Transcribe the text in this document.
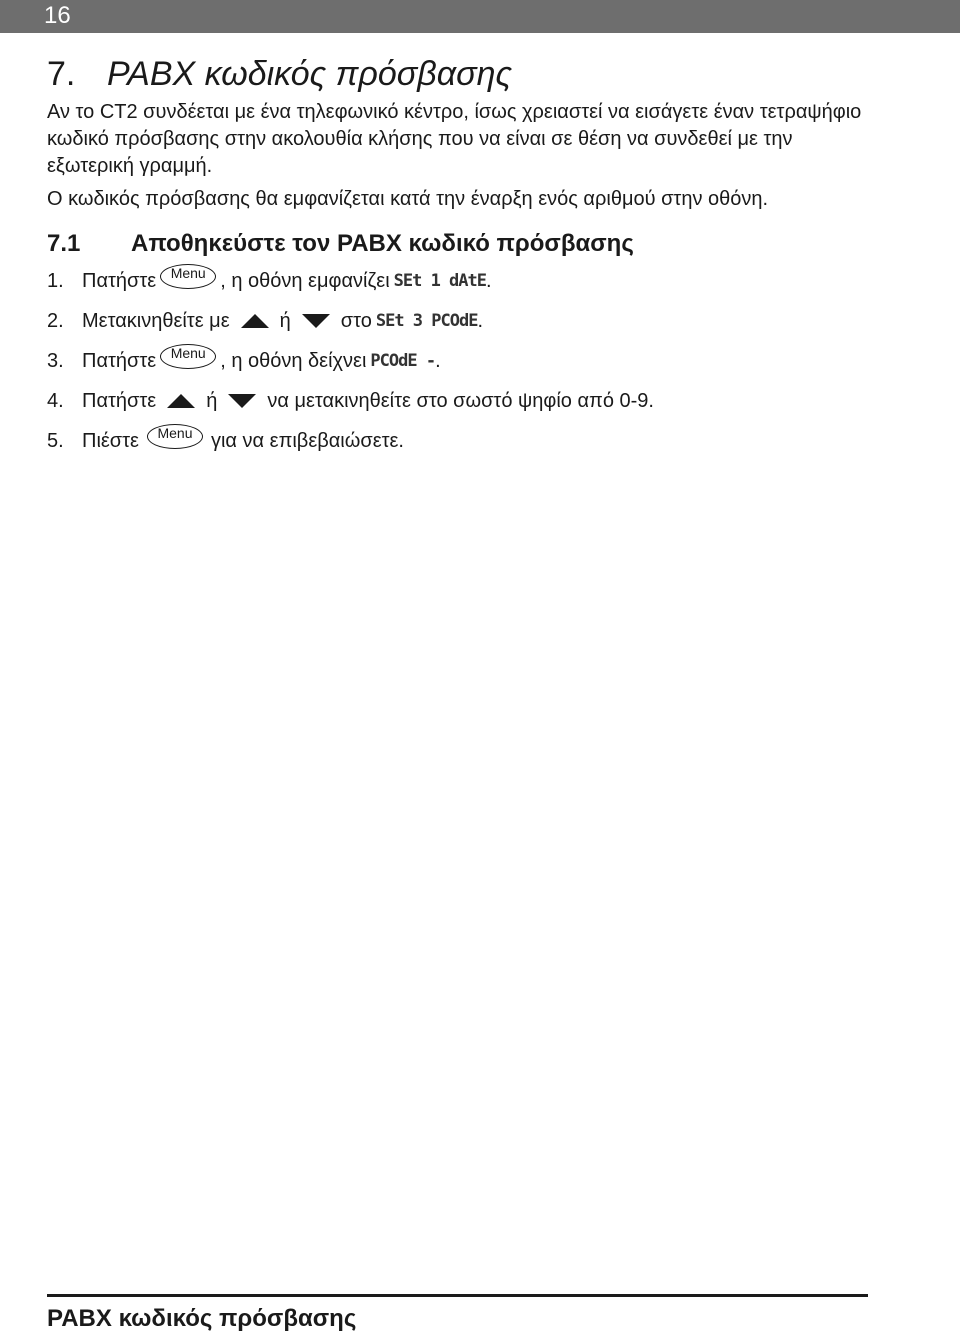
16
7. PABX κωδικός πρόσβασης
Αν το CT2 συνδέεται με ένα τηλεφωνικό κέντρο, ίσως χρειαστεί να εισάγετε έναν τετραψήφιο κωδικό πρόσβασης στην ακολουθία κλήσης που να είναι σε θέση να συνδεθεί με την εξωτερική γραμμή.
Ο κωδικός πρόσβασης θα εμφανίζεται κατά την έναρξη ενός αριθμού στην οθόνη.
7.1 Αποθηκεύστε τον PABX κωδικό πρόσβασης
1. Πατήστε	Menu , η οθόνη εμφανίζει SEt 1 dAtE .
2. Μετακινηθείτε με	ή	στο SEt 3 PCOdE .
3. Πατήστε	Menu , η οθόνη δείχνει PCOdE - .
4. Πατήστε	ή	να μετακινηθείτε στο σωστό ψηφίο από 0-9.
5. Πιέστε	Menu για να επιβεβαιώσετε.
PABX κωδικός πρόσβασης
